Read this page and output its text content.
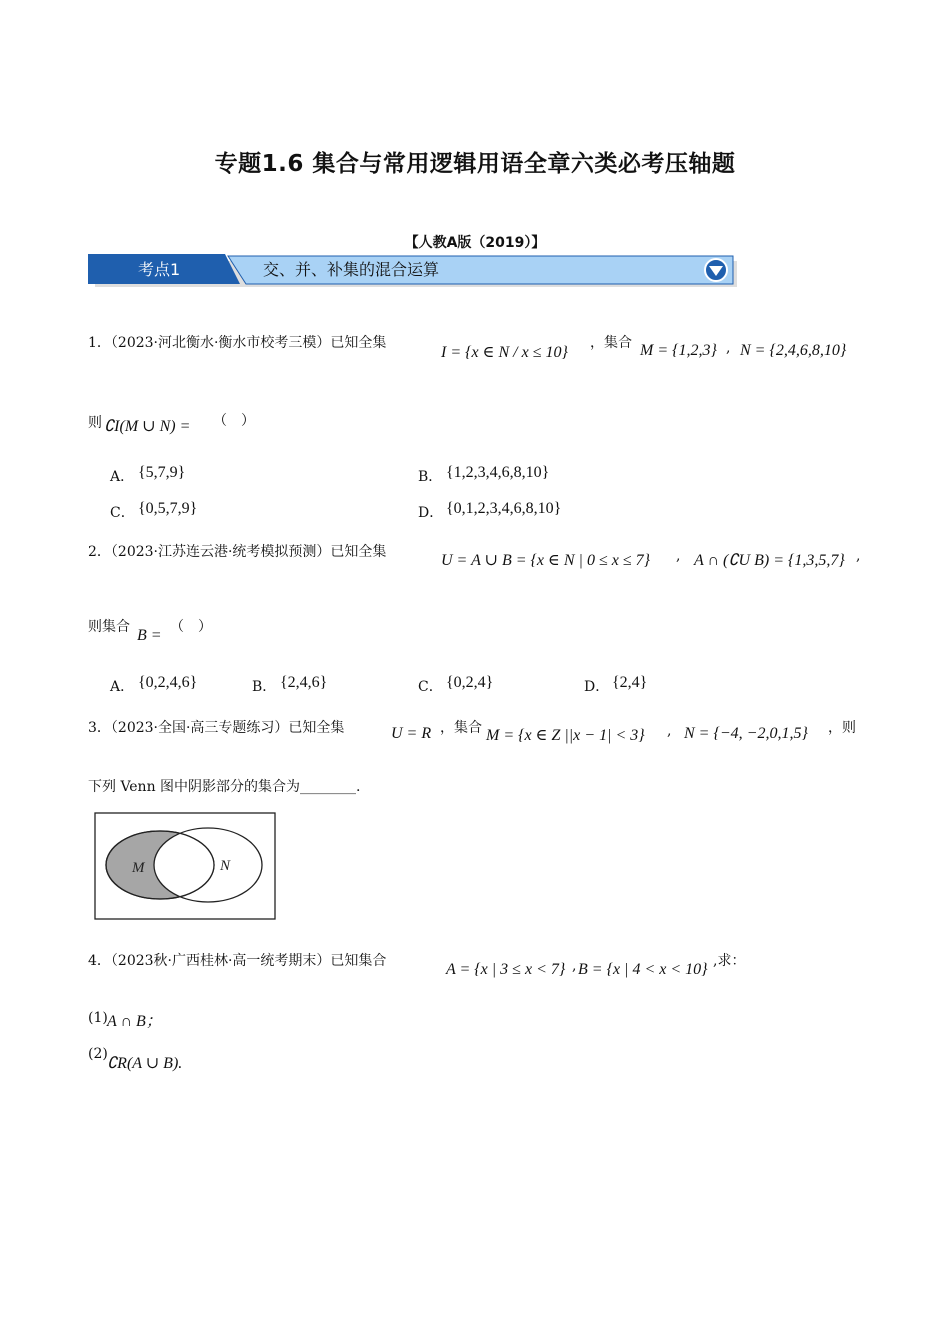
专题1.6 集合与常用逻辑用语全章六类必考压轴题
【人教A版（2019）】
考点1	交、并、补集的混合运算
1．（2023·河北衡水·衡水市校考三模）已知全集
I = {x ∈ N / x ≤ 10}
，集合 M = {1,2,3} , N = {2,4,6,8,10}
则 ∁I(M ∪ N) = （　）
A． {5,7,9}	B． {1,2,3,4,6,8,10}
C． {0,5,7,9}	D． {0,1,2,3,4,6,8,10}
2．（2023·江苏连云港·统考模拟预测）已知全集	U = A ∪ B = {x ∈ N | 0 ≤ x ≤ 7} , A ∩ (∁U B) = {1,3,5,7} ,
则集合 B = （　）
A． {0,2,4,6}	B． {2,4,6}	C． {0,2,4}	D． {2,4}
3．（2023·全国·高三专题练习）已知全集	U = R ，集合 M = {x ∈ Z ||x − 1| < 3} , N = {−4, −2,0,1,5} ，则
下列 Venn 图中阴影部分的集合为________.
M	N
4．（2023秋·广西桂林·高一统考期末）已知集合	A = {x | 3 ≤ x < 7} , B = {x | 4 < x < 10} ,求：
(1) A ∩ B；
(2)
∁R(A ∪ B).
